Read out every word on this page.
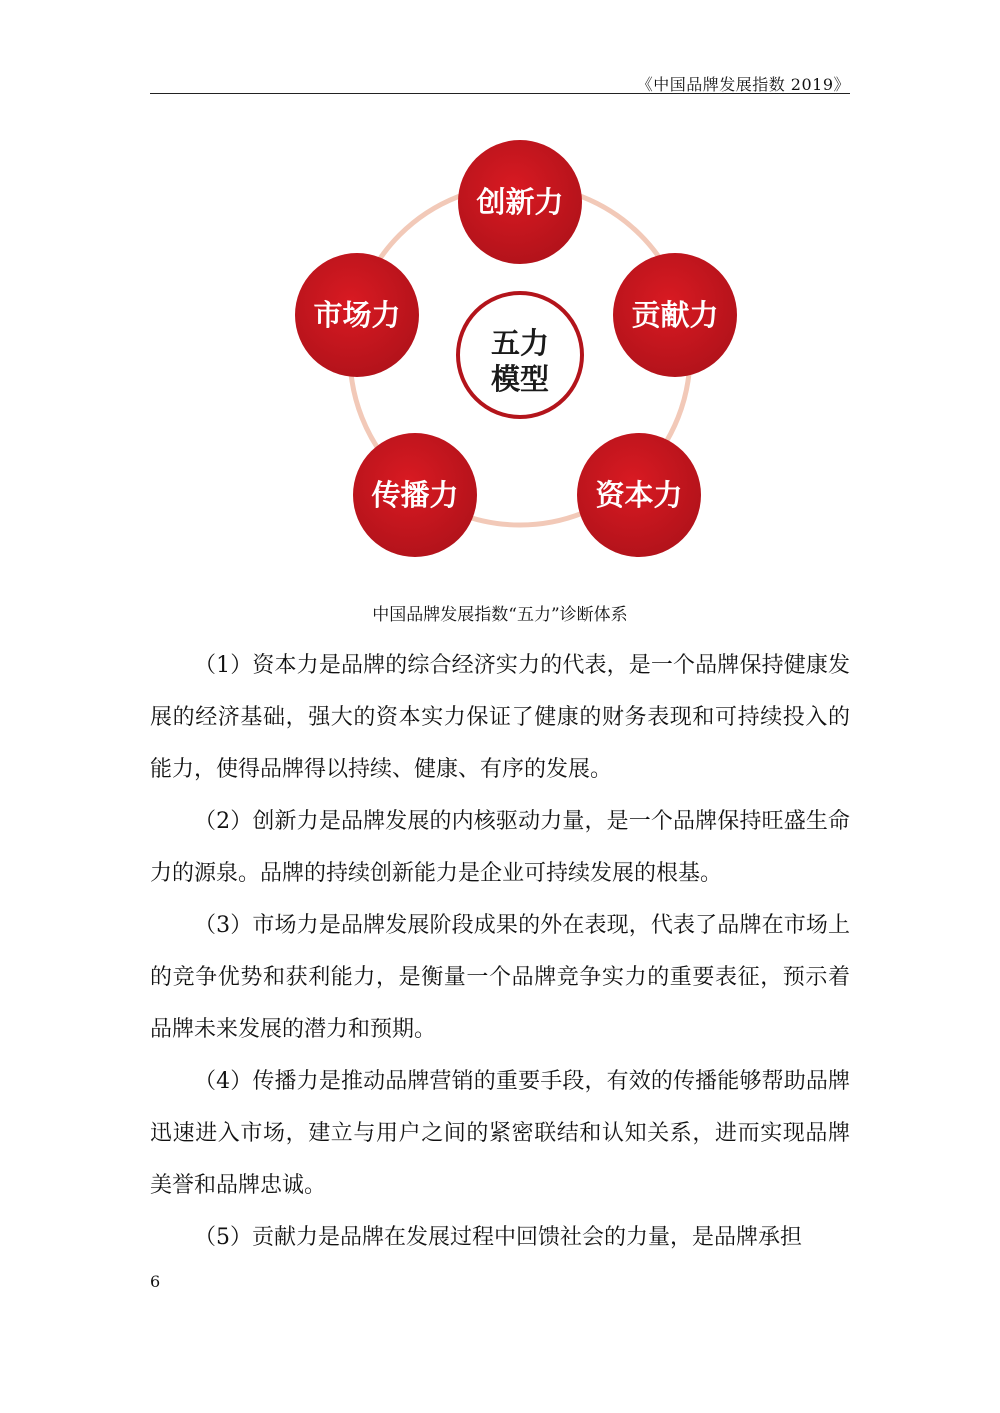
《中国品牌发展指数 2019》
五力
模型
创新力
贡献力
资本力
传播力
市场力
中国品牌发展指数“五力”诊断体系

（1）资本力是品牌的综合经济实力的代表，是一个品牌保持健康发展的经济基础，强大的资本实力保证了健康的财务表现和可持续投入的能力，使得品牌得以持续、健康、有序的发展。

（2）创新力是品牌发展的内核驱动力量，是一个品牌保持旺盛生命力的源泉。品牌的持续创新能力是企业可持续发展的根基。

（3）市场力是品牌发展阶段成果的外在表现，代表了品牌在市场上的竞争优势和获利能力，是衡量一个品牌竞争实力的重要表征，预示着品牌未来发展的潜力和预期。

（4）传播力是推动品牌营销的重要手段，有效的传播能够帮助品牌迅速进入市场，建立与用户之间的紧密联结和认知关系，进而实现品牌美誉和品牌忠诚。

（5）贡献力是品牌在发展过程中回馈社会的力量，是品牌承担

6
